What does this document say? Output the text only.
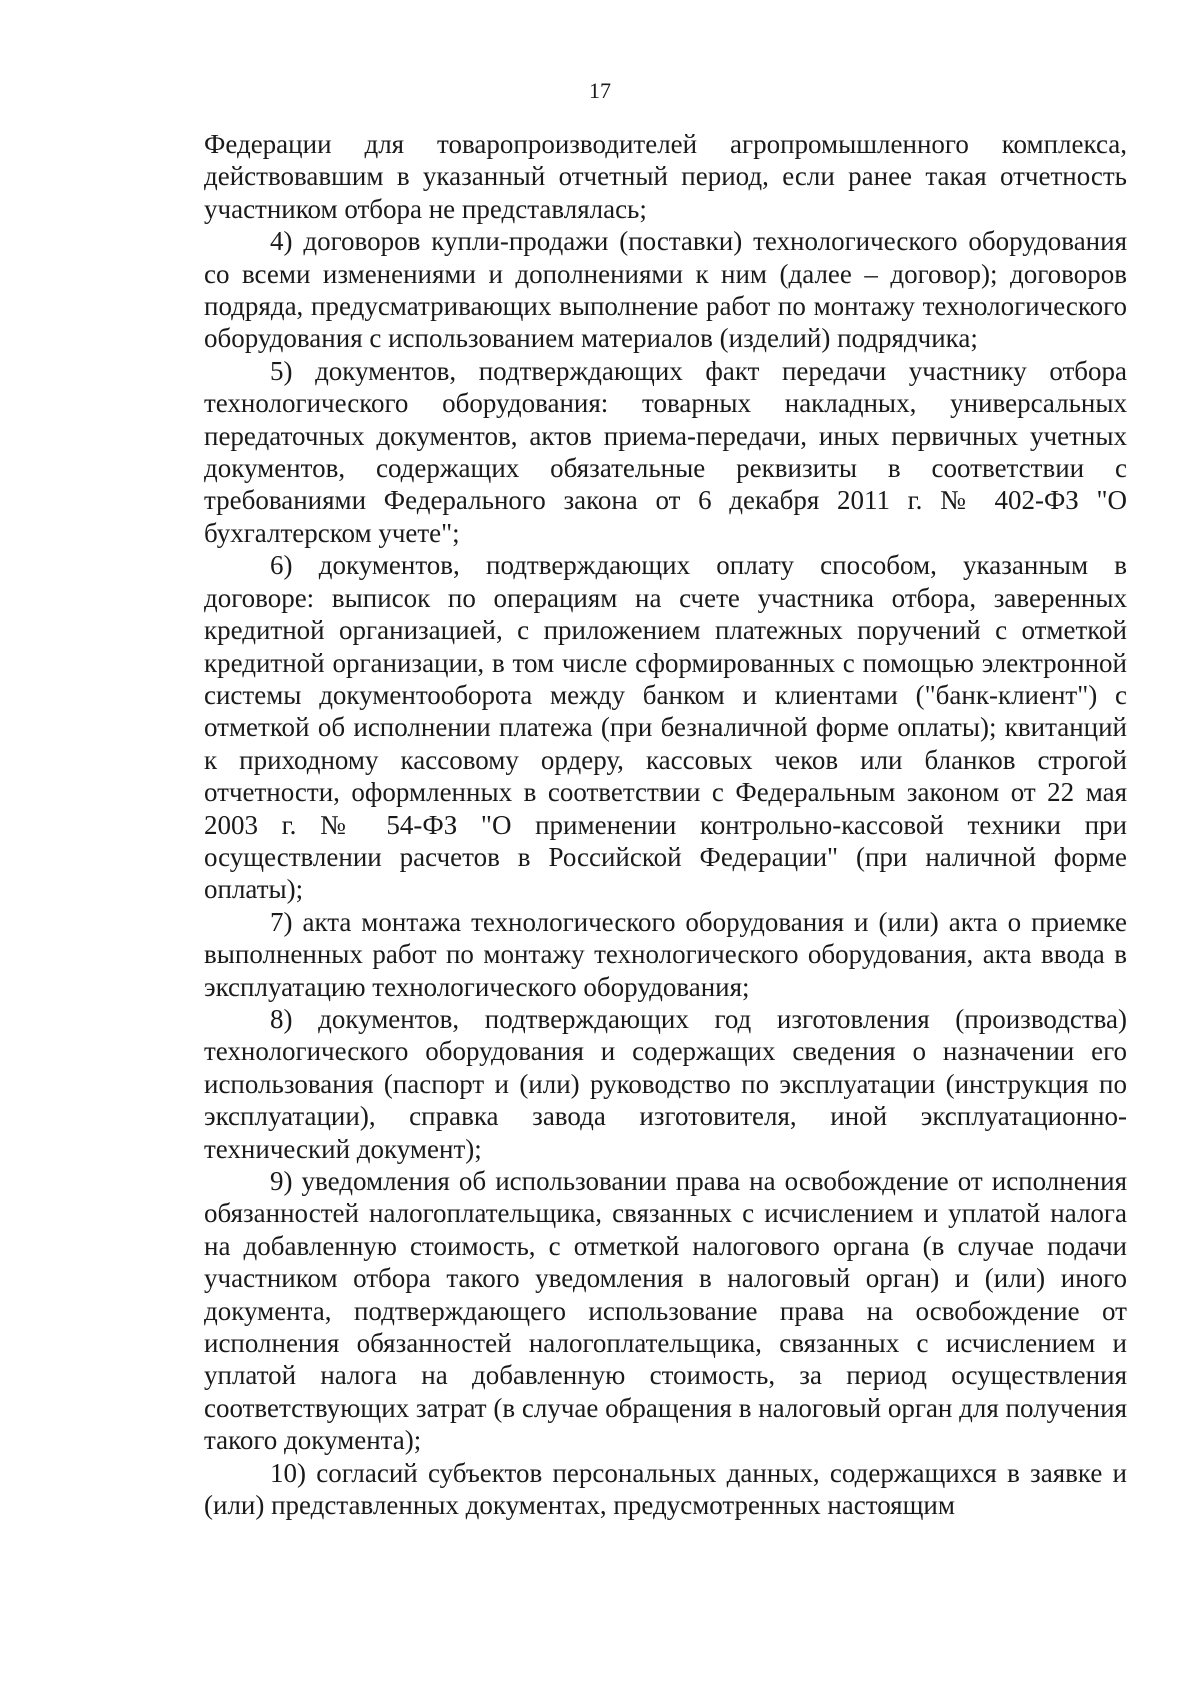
17

Федерации для товаропроизводителей агропромышленного комплекса, действовавшим в указанный отчетный период, если ранее такая отчетность участником отбора не представлялась;

4) договоров купли-продажи (поставки) технологического оборудования со всеми изменениями и дополнениями к ним (далее – договор); договоров подряда, предусматривающих выполнение работ по монтажу технологического оборудования с использованием материалов (изделий) подрядчика;

5) документов, подтверждающих факт передачи участнику отбора технологического оборудования: товарных накладных, универсальных передаточных документов, актов приема-передачи, иных первичных учетных документов, содержащих обязательные реквизиты в соответствии с требованиями Федерального закона от 6 декабря 2011 г. № 402-ФЗ "О бухгалтерском учете";

6) документов, подтверждающих оплату способом, указанным в договоре: выписок по операциям на счете участника отбора, заверенных кредитной организацией, с приложением платежных поручений с отметкой кредитной организации, в том числе сформированных с помощью электронной системы документооборота между банком и клиентами ("банк-клиент") с отметкой об исполнении платежа (при безналичной форме оплаты); квитанций к приходному кассовому ордеру, кассовых чеков или бланков строгой отчетности, оформленных в соответствии с Федеральным законом от 22 мая 2003 г. № 54-ФЗ "О применении контрольно-кассовой техники при осуществлении расчетов в Российской Федерации" (при наличной форме оплаты);

7) акта монтажа технологического оборудования и (или) акта о приемке выполненных работ по монтажу технологического оборудования, акта ввода в эксплуатацию технологического оборудования;

8) документов, подтверждающих год изготовления (производства) технологического оборудования и содержащих сведения о назначении его использования (паспорт и (или) руководство по эксплуатации (инструкция по эксплуатации), справка завода изготовителя, иной эксплуатационно-технический документ);

9) уведомления об использовании права на освобождение от исполнения обязанностей налогоплательщика, связанных с исчислением и уплатой налога на добавленную стоимость, с отметкой налогового органа (в случае подачи участником отбора такого уведомления в налоговый орган) и (или) иного документа, подтверждающего использование права на освобождение от исполнения обязанностей налогоплательщика, связанных с исчислением и уплатой налога на добавленную стоимость, за период осуществления соответствующих затрат (в случае обращения в налоговый орган для получения такого документа);

10) согласий субъектов персональных данных, содержащихся в заявке и (или) представленных документах, предусмотренных настоящим
